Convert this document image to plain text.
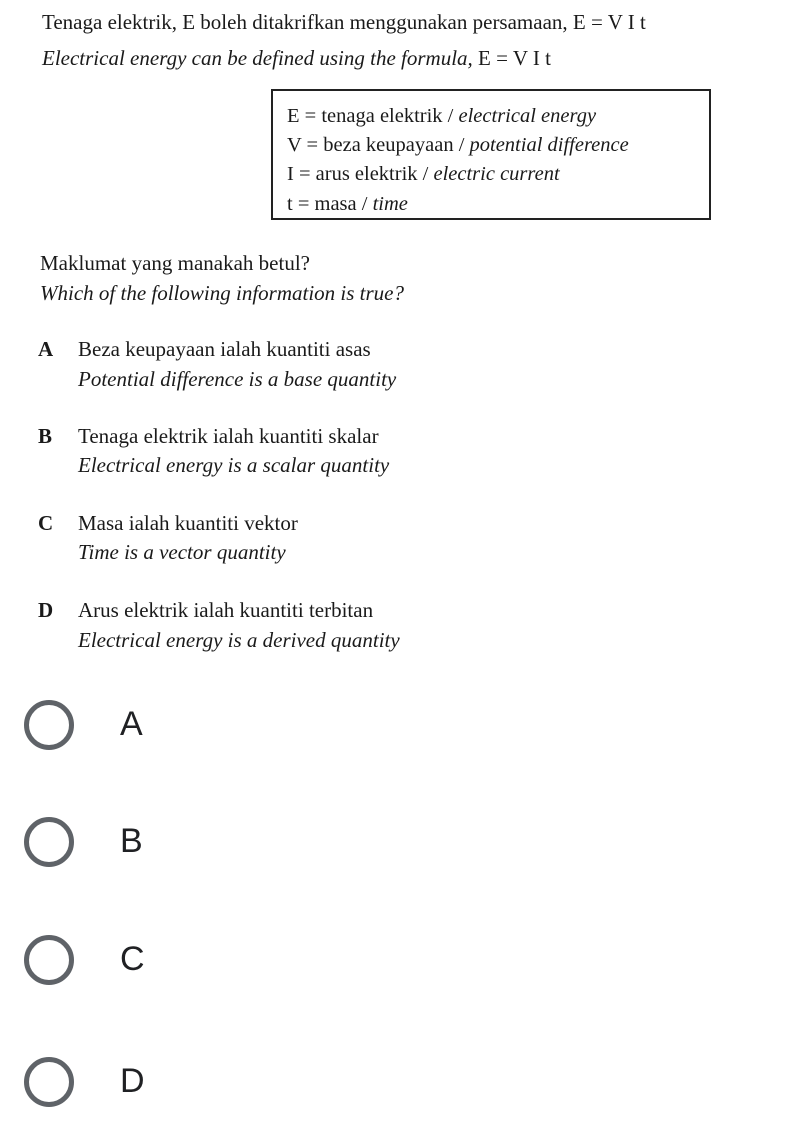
Tenaga elektrik, E boleh ditakrifkan menggunakan persamaan, E = V I t
Electrical energy can be defined using the formula, E = V I t
E = tenaga elektrik / electrical energy
V = beza keupayaan / potential difference
I = arus elektrik / electric current
t = masa / time
Maklumat yang manakah betul?
Which of the following information is true?
A Beza keupayaan ialah kuantiti asas
Potential difference is a base quantity
B Tenaga elektrik ialah kuantiti skalar
Electrical energy is a scalar quantity
C Masa ialah kuantiti vektor
Time is a vector quantity
D Arus elektrik ialah kuantiti terbitan
Electrical energy is a derived quantity
A
B
C
D
